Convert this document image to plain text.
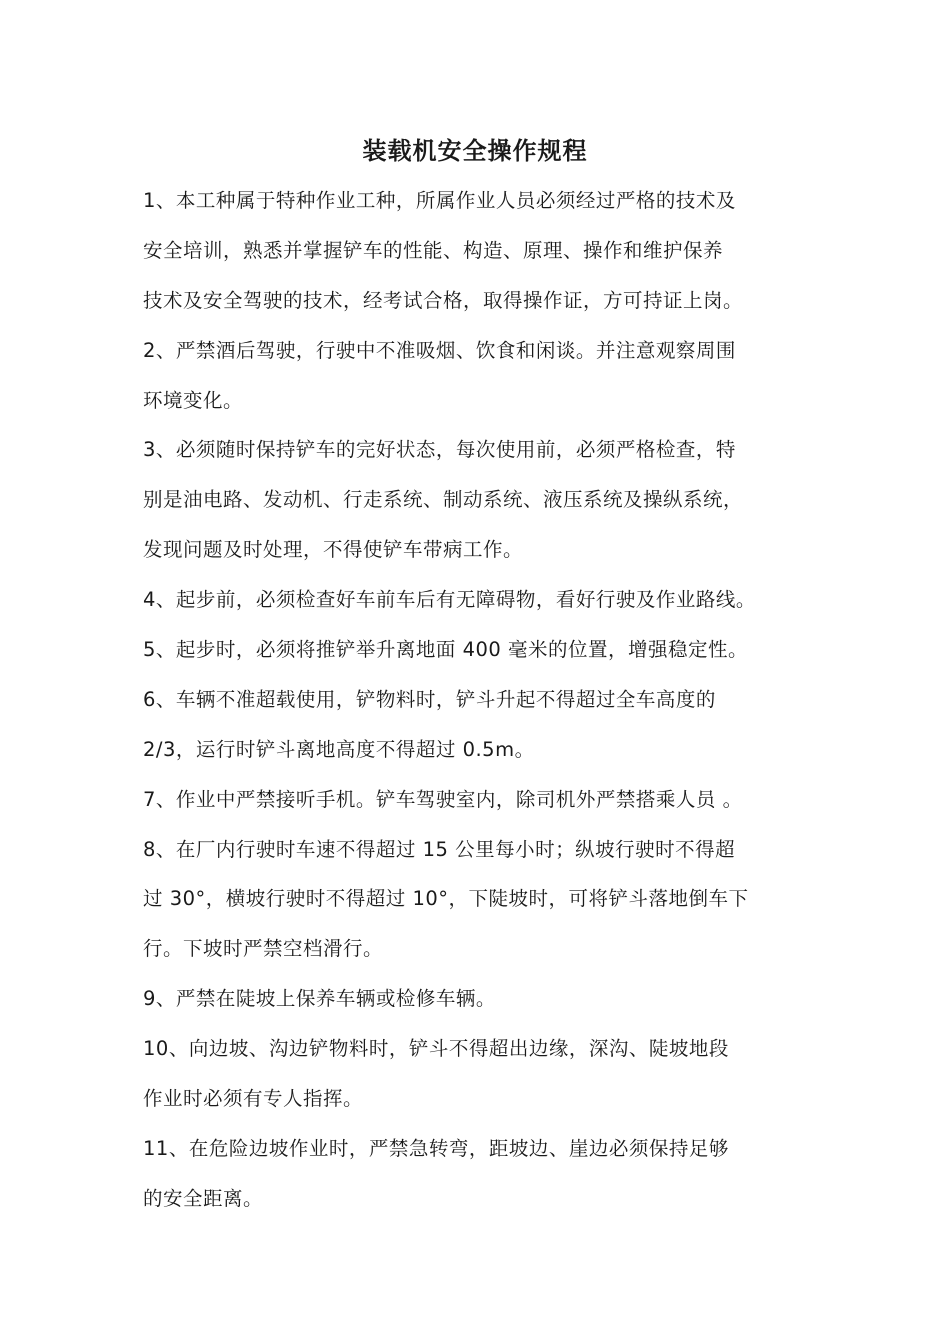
装载机安全操作规程
1、本工种属于特种作业工种，所属作业人员必须经过严格的技术及
安全培训，熟悉并掌握铲车的性能、构造、原理、操作和维护保养
技术及安全驾驶的技术，经考试合格，取得操作证，方可持证上岗。
2、严禁酒后驾驶，行驶中不准吸烟、饮食和闲谈。并注意观察周围
环境变化。
3、必须随时保持铲车的完好状态，每次使用前，必须严格检查，特
别是油电路、发动机、行走系统、制动系统、液压系统及操纵系统，
发现问题及时处理，不得使铲车带病工作。
4、起步前，必须检查好车前车后有无障碍物，看好行驶及作业路线。
5、起步时，必须将推铲举升离地面 400 毫米的位置，增强稳定性。
6、车辆不准超载使用，铲物料时，铲斗升起不得超过全车高度的
2/3，运行时铲斗离地高度不得超过 0.5m。
7、作业中严禁接听手机。铲车驾驶室内，除司机外严禁搭乘人员 。
8、在厂内行驶时车速不得超过 15 公里每小时；纵坡行驶时不得超
过 30°，横坡行驶时不得超过 10°，下陡坡时，可将铲斗落地倒车下
行。下坡时严禁空档滑行。
9、严禁在陡坡上保养车辆或检修车辆。
10、向边坡、沟边铲物料时，铲斗不得超出边缘，深沟、陡坡地段
作业时必须有专人指挥。
11、在危险边坡作业时，严禁急转弯，距坡边、崖边必须保持足够
的安全距离。
